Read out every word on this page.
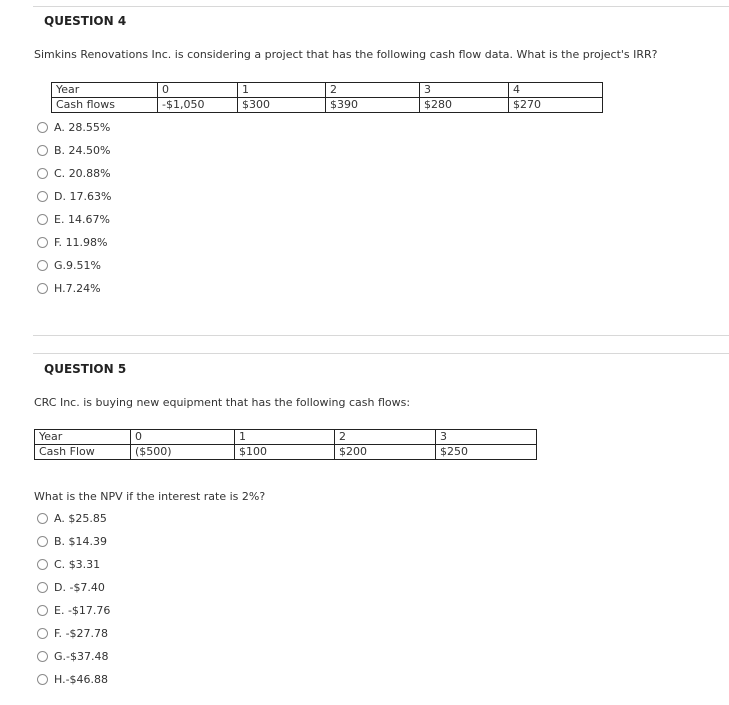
QUESTION 4
Simkins Renovations Inc. is considering a project that has the following cash flow data. What is the project's IRR?
Year	0	1	2	3	4
Cash flows	-$1,050	$300	$390	$280	$270
A. 28.55%
B. 24.50%
C. 20.88%
D. 17.63%
E. 14.67%
F. 11.98%
G.9.51%
H.7.24%
QUESTION 5
CRC Inc. is buying new equipment that has the following cash flows:
Year	0	1	2	3
Cash Flow	($500)	$100	$200	$250
What is the NPV if the interest rate is 2%?
A. $25.85
B. $14.39
C. $3.31
D. -$7.40
E. -$17.76
F. -$27.78
G.-$37.48
H.-$46.88
